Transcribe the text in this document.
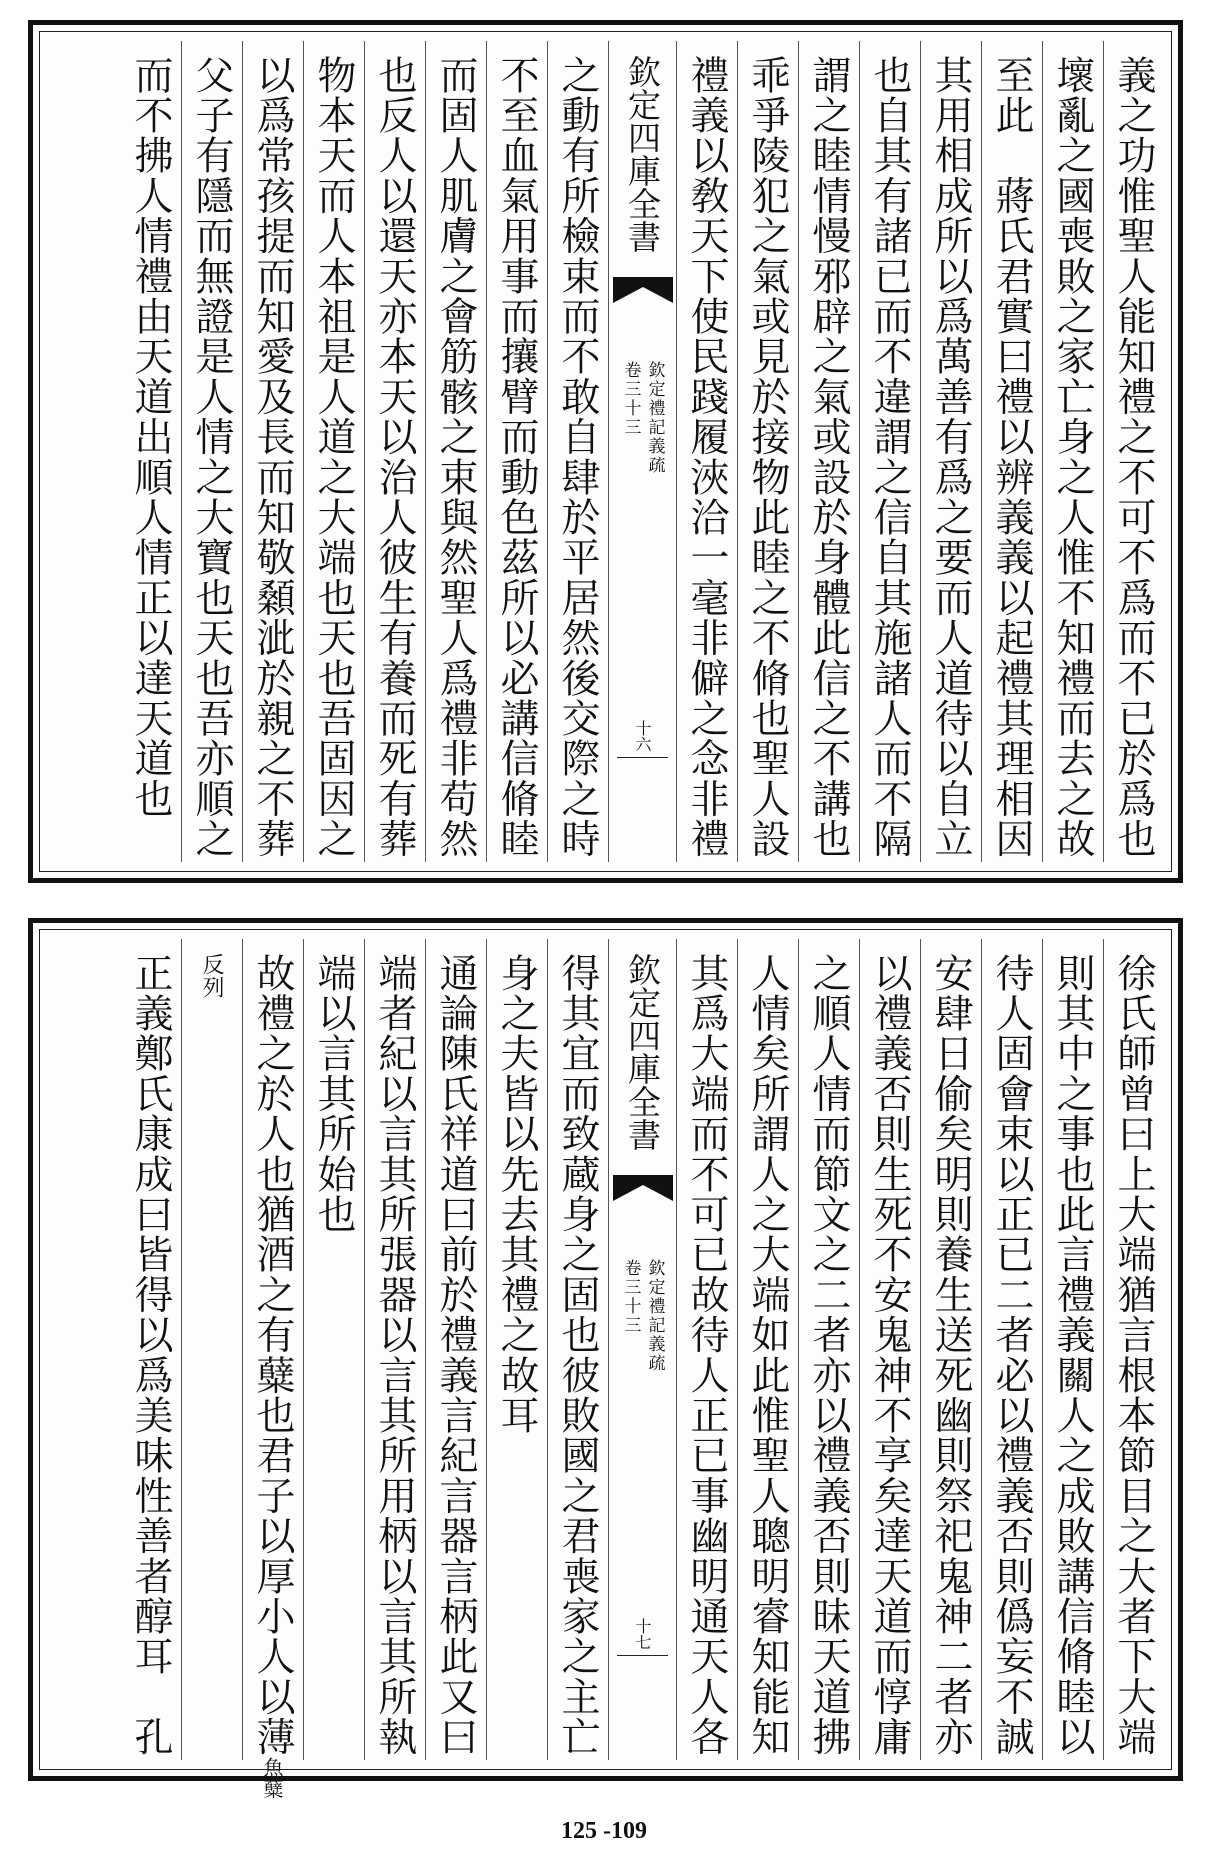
義之功惟聖人能知禮之不可不爲而不已於爲也
壞亂之國喪敗之家亡身之人惟不知禮而去之故
至此　蔣氏君實曰禮以辨義義以起禮其理相因
其用相成所以爲萬善有爲之要而人道待以自立
也自其有諸已而不違謂之信自其施諸人而不隔
謂之睦情慢邪辟之氣或設於身體此信之不講也
乖爭陵犯之氣或見於接物此睦之不脩也聖人設
禮義以敎天下使民踐履浹洽一毫非僻之念非禮
欽定四庫全書
欽定禮記義疏
卷三十三
十六
之動有所檢束而不敢自肆於平居然後交際之時
不至血氣用事而攘臂而動色茲所以必講信脩睦
而固人肌膚之會筋骸之束與然聖人爲禮非苟然
也反人以還天亦本天以治人彼生有養而死有葬
物本天而人本祖是人道之大端也天也吾固因之
以爲常孩提而知愛及長而知敬顙泚於親之不葬
父子有隱而無證是人情之大寶也天也吾亦順之
而不拂人情禮由天道出順人情正以達天道也
徐氏師曾曰上大端猶言根本節目之大者下大端
則其中之事也此言禮義關人之成敗講信脩睦以
待人固會束以正已二者必以禮義否則僞妄不誠
安肆日偷矣明則養生送死幽則祭祀鬼神二者亦
以禮義否則生死不安鬼神不享矣達天道而惇庸
之順人情而節文之二者亦以禮義否則昧天道拂
人情矣所謂人之大端如此惟聖人聰明睿知能知
其爲大端而不可已故待人正已事幽明通天人各
欽定四庫全書
欽定禮記義疏
卷三十三
十七
得其宜而致蔵身之固也彼敗國之君喪家之主亡
身之夫皆以先去其禮之故耳
通論陳氏祥道曰前於禮義言紀言器言柄此又曰
端者紀以言其所張器以言其所用柄以言其所執
端以言其所始也
故禮之於人也猶酒之有糵也君子以厚小人以薄魚糵
反列
正義鄭氏康成曰皆得以爲美味性善者醇耳　孔
125 -109
